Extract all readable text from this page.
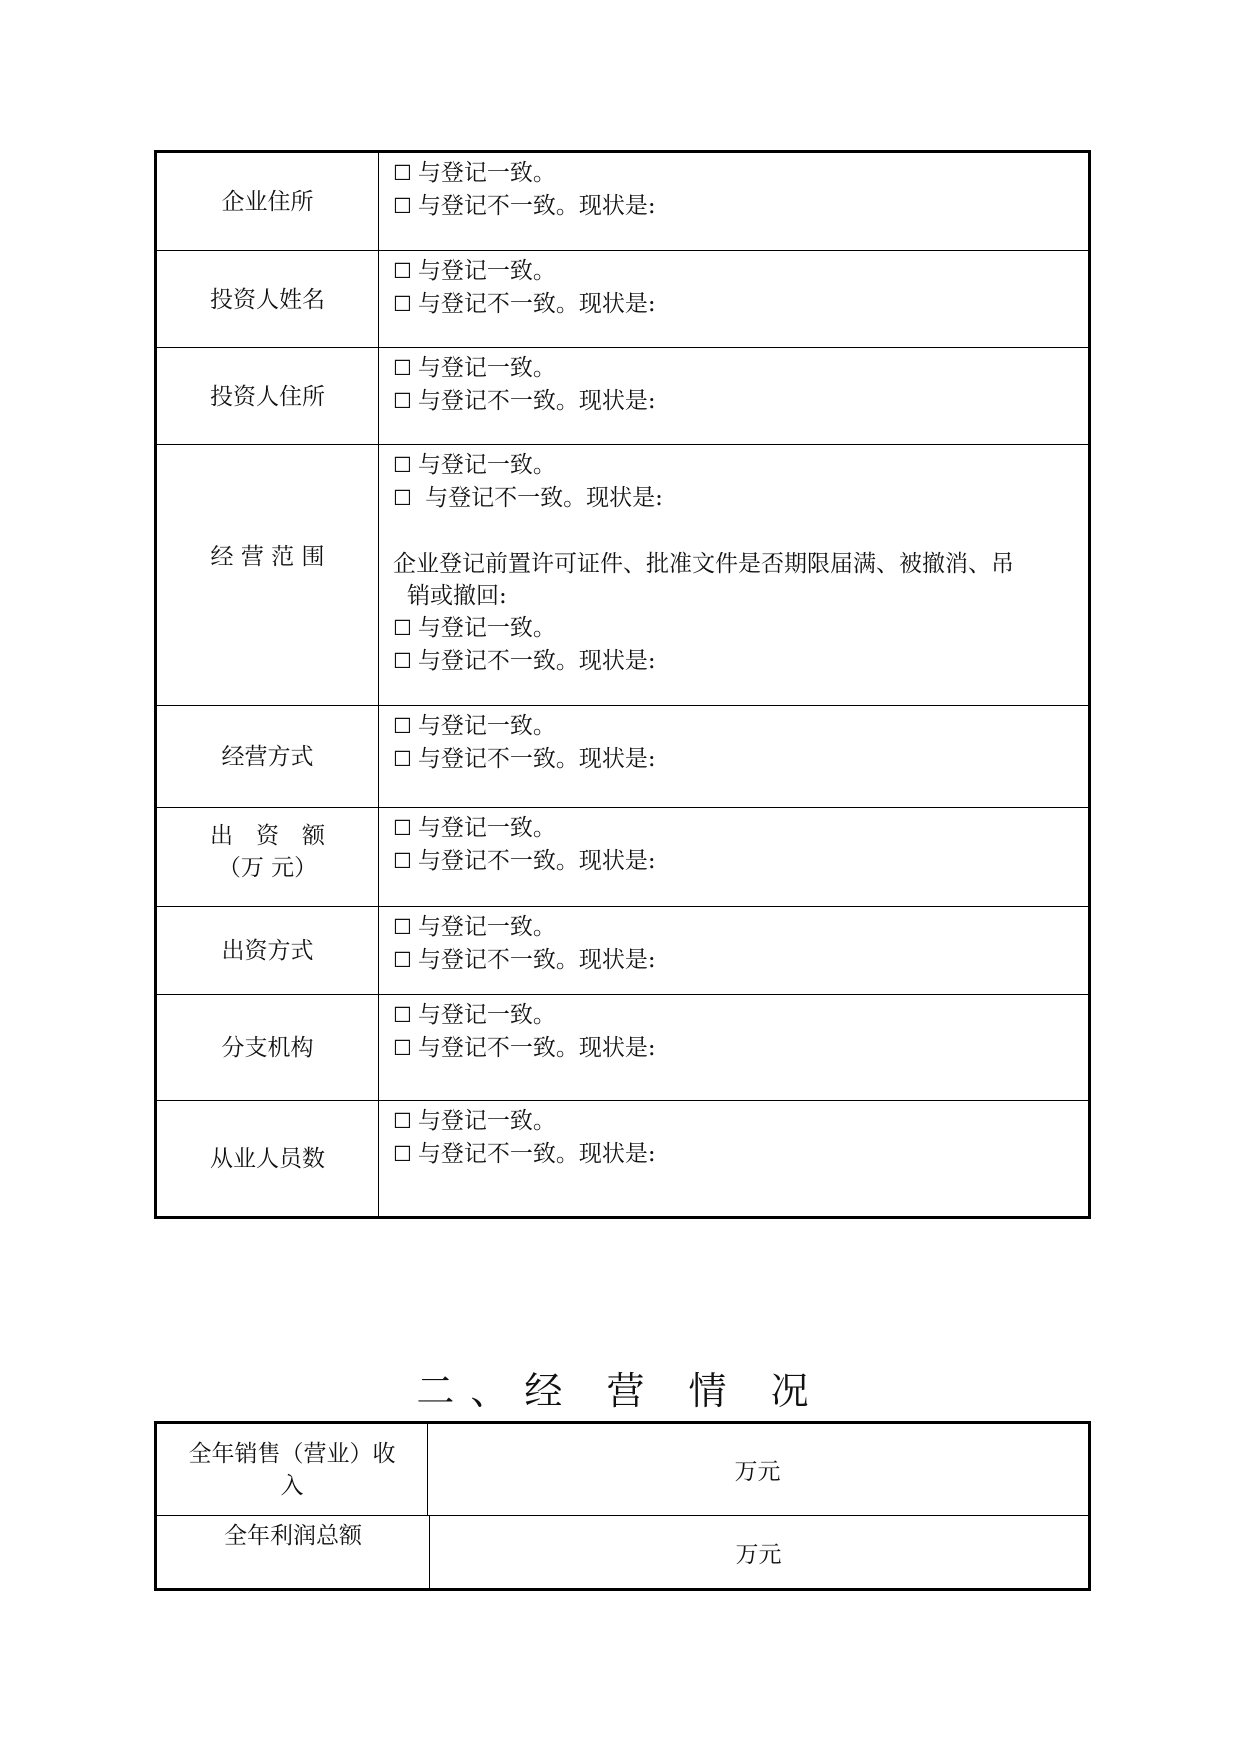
企业住所
☐ 与登记一致。
☐ 与登记不一致。现状是:
投资人姓名
☐ 与登记一致。
☐ 与登记不一致。现状是:
投资人住所
☐ 与登记一致。
☐ 与登记不一致。现状是:
经 营 范 围
☐ 与登记一致。
☐ 与登记不一致。现状是:
企业登记前置许可证件、批准文件是否期限届满、被撤消、吊
销或撤回:
☐ 与登记一致。
☐ 与登记不一致。现状是:
经营方式
☐ 与登记一致。
☐ 与登记不一致。现状是:
出　资　额
（万 元）
☐ 与登记一致。
☐ 与登记不一致。现状是:
出资方式
☐ 与登记一致。
☐ 与登记不一致。现状是:
分支机构
☐ 与登记一致。
☐ 与登记不一致。现状是:
从业人员数
☐ 与登记一致。
☐ 与登记不一致。现状是:
二、经 营 情 况
全年销售（营业）收
入
万元
全年利润总额
万元
